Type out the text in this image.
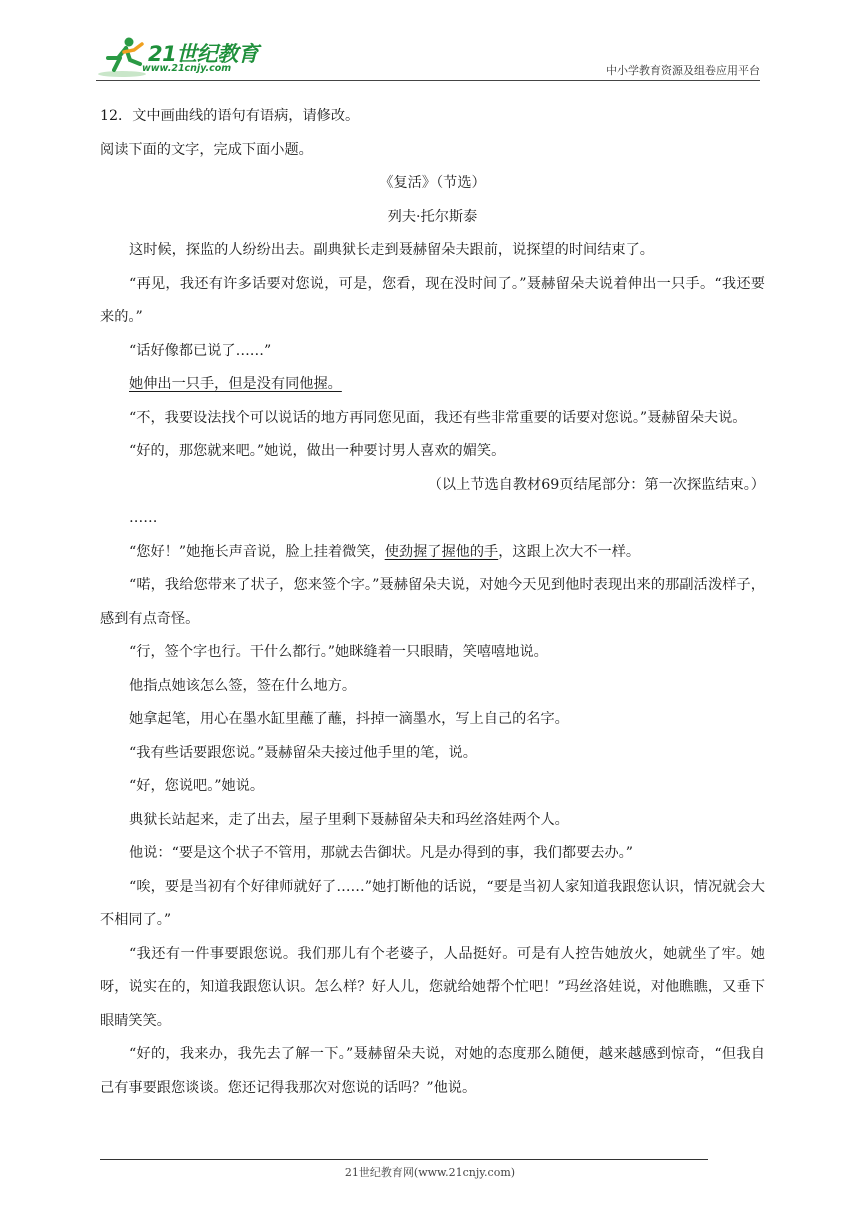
21世纪教育
www.21cnjy.com	中小学教育资源及组卷应用平台

12．文中画曲线的语句有语病，请修改。

阅读下面的文字，完成下面小题。

《复活》（节选）

列夫·托尔斯泰

这时候，探监的人纷纷出去。副典狱长走到聂赫留朵夫跟前，说探望的时间结束了。

“再见，我还有许多话要对您说，可是，您看，现在没时间了。”聂赫留朵夫说着伸出一只手。“我还要来的。”

“话好像都已说了……”

她伸出一只手，但是没有同他握。

“不，我要设法找个可以说话的地方再同您见面，我还有些非常重要的话要对您说。”聂赫留朵夫说。

“好的，那您就来吧。”她说，做出一种要讨男人喜欢的媚笑。

（以上节选自教材69页结尾部分：第一次探监结束。）

……

“您好！”她拖长声音说，脸上挂着微笑，使劲握了握他的手，这跟上次大不一样。

“喏，我给您带来了状子，您来签个字。”聂赫留朵夫说，对她今天见到他时表现出来的那副活泼样子，感到有点奇怪。

“行，签个字也行。干什么都行。”她眯缝着一只眼睛，笑嘻嘻地说。

他指点她该怎么签，签在什么地方。

她拿起笔，用心在墨水缸里蘸了蘸，抖掉一滴墨水，写上自己的名字。

“我有些话要跟您说。”聂赫留朵夫接过他手里的笔，说。

“好，您说吧。”她说。

典狱长站起来，走了出去，屋子里剩下聂赫留朵夫和玛丝洛娃两个人。

他说：“要是这个状子不管用，那就去告御状。凡是办得到的事，我们都要去办。”

“唉，要是当初有个好律师就好了……”她打断他的话说，“要是当初人家知道我跟您认识，情况就会大不相同了。”

“我还有一件事要跟您说。我们那儿有个老婆子，人品挺好。可是有人控告她放火，她就坐了牢。她呀，说实在的，知道我跟您认识。怎么样？好人儿，您就给她帮个忙吧！”玛丝洛娃说，对他瞧瞧，又垂下眼睛笑笑。

“好的，我来办，我先去了解一下。”聂赫留朵夫说，对她的态度那么随便，越来越感到惊奇，“但我自己有事要跟您谈谈。您还记得我那次对您说的话吗？”他说。

21世纪教育网(www.21cnjy.com)
